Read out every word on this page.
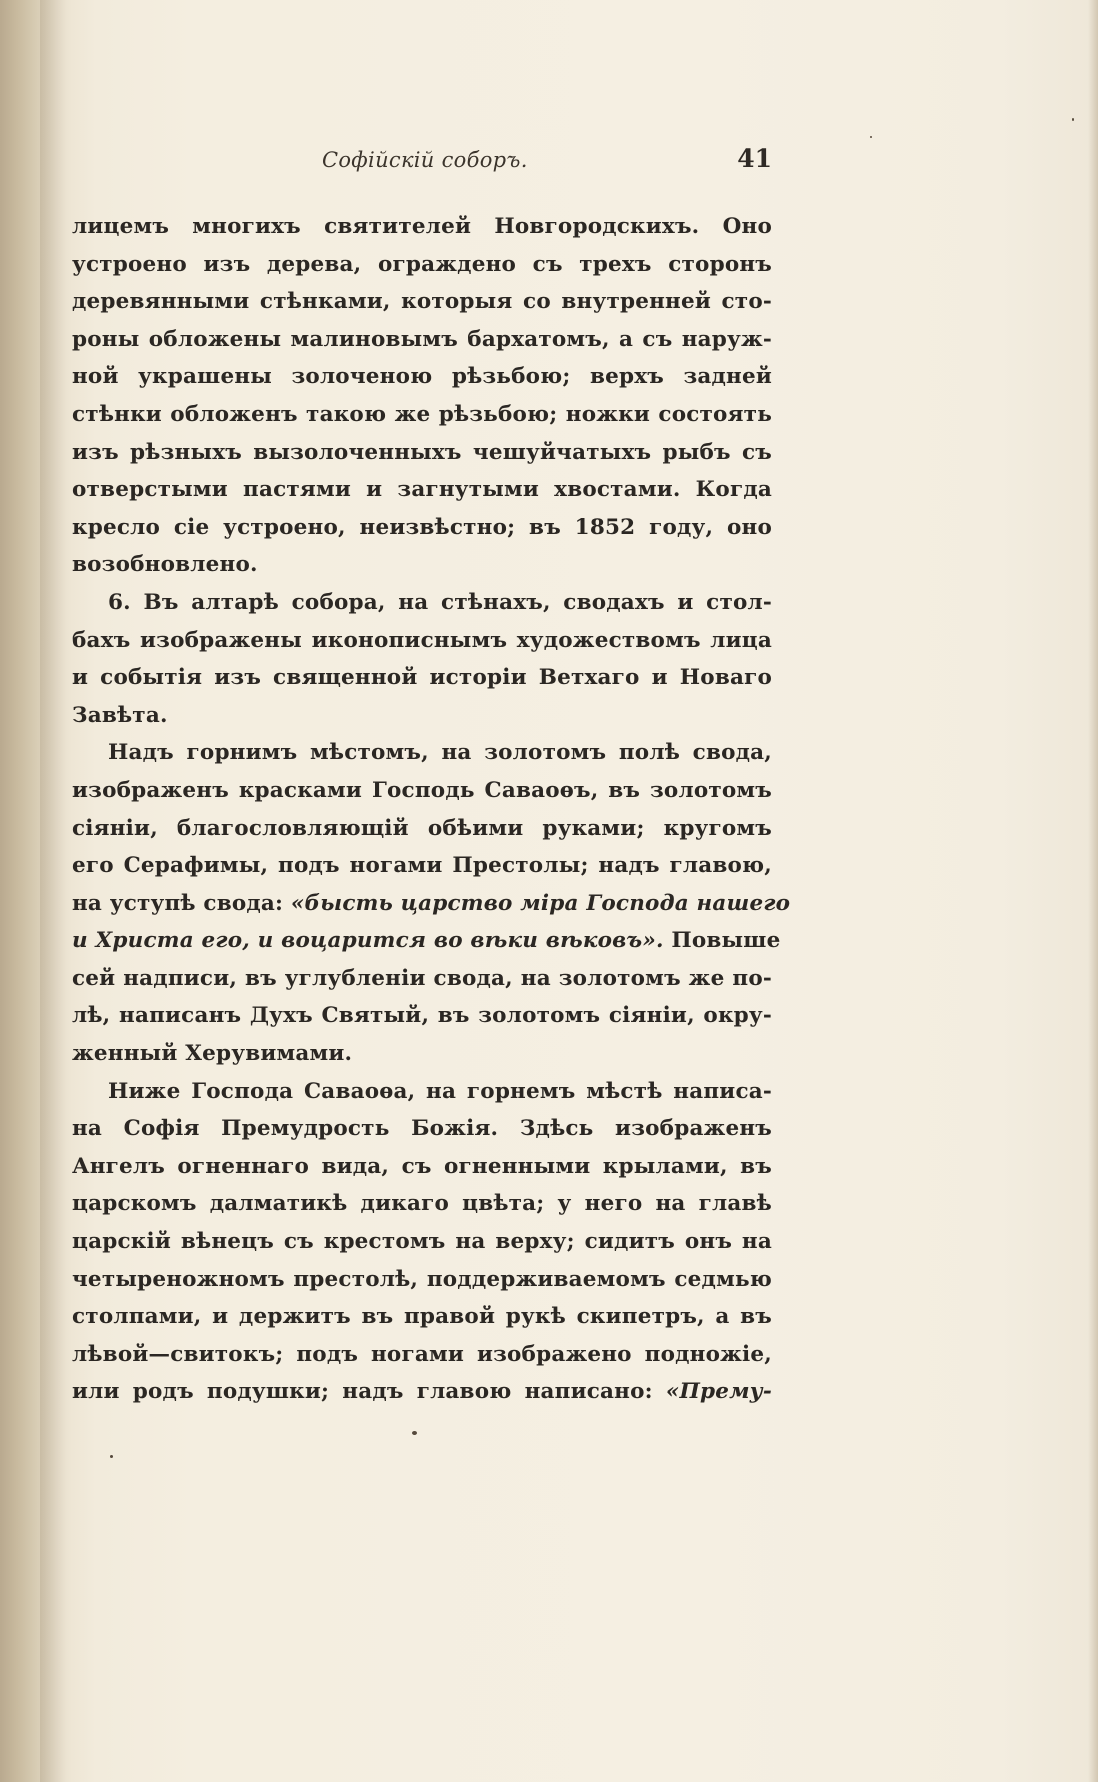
Софійскій соборъ.	41
лицемъ многихъ святителей Новгородскихъ. Оно
устроено изъ дерева, ограждено съ трехъ сторонъ
деревянными стѣнками, которыя со внутренней сто-
роны обложены малиновымъ бархатомъ, а съ наруж-
ной украшены золоченою рѣзьбою; верхъ задней
стѣнки обложенъ такою же рѣзьбою; ножки состоять
изъ рѣзныхъ вызолоченныхъ чешуйчатыхъ рыбъ съ
отверстыми пастями и загнутыми хвостами. Когда
кресло сіе устроено, неизвѣстно; въ 1852 году, оно
возобновлено.
6. Въ алтарѣ собора, на стѣнахъ, сводахъ и стол-
бахъ изображены иконописнымъ художествомъ лица
и событія изъ священной исторіи Ветхаго и Новаго
Завѣта.
Надъ горнимъ мѣстомъ, на золотомъ полѣ свода,
изображенъ красками Господь Саваоѳъ, въ золотомъ
сіяніи, благословляющій обѣими руками; кругомъ
его Серафимы, подъ ногами Престолы; надъ главою,
на уступѣ свода: «бысть царство міра Господа нашего
и Христа его, и воцарится во вѣки вѣковъ». Повыше
сей надписи, въ углубленіи свода, на золотомъ же по-
лѣ, написанъ Духъ Святый, въ золотомъ сіяніи, окру-
женный Херувимами.
Ниже Господа Саваоѳа, на горнемъ мѣстѣ написа-
на Софія Премудрость Божія. Здѣсь изображенъ
Ангелъ огненнаго вида, съ огненными крылами, въ
царскомъ далматикѣ дикаго цвѣта; у него на главѣ
царскій вѣнецъ съ крестомъ на верху; сидитъ онъ на
четыреножномъ престолѣ, поддерживаемомъ седмью
столпами, и держитъ въ правой рукѣ скипетръ, а въ
лѣвой—свитокъ; подъ ногами изображено подножіе,
или родъ подушки; надъ главою написано: «Прему-
